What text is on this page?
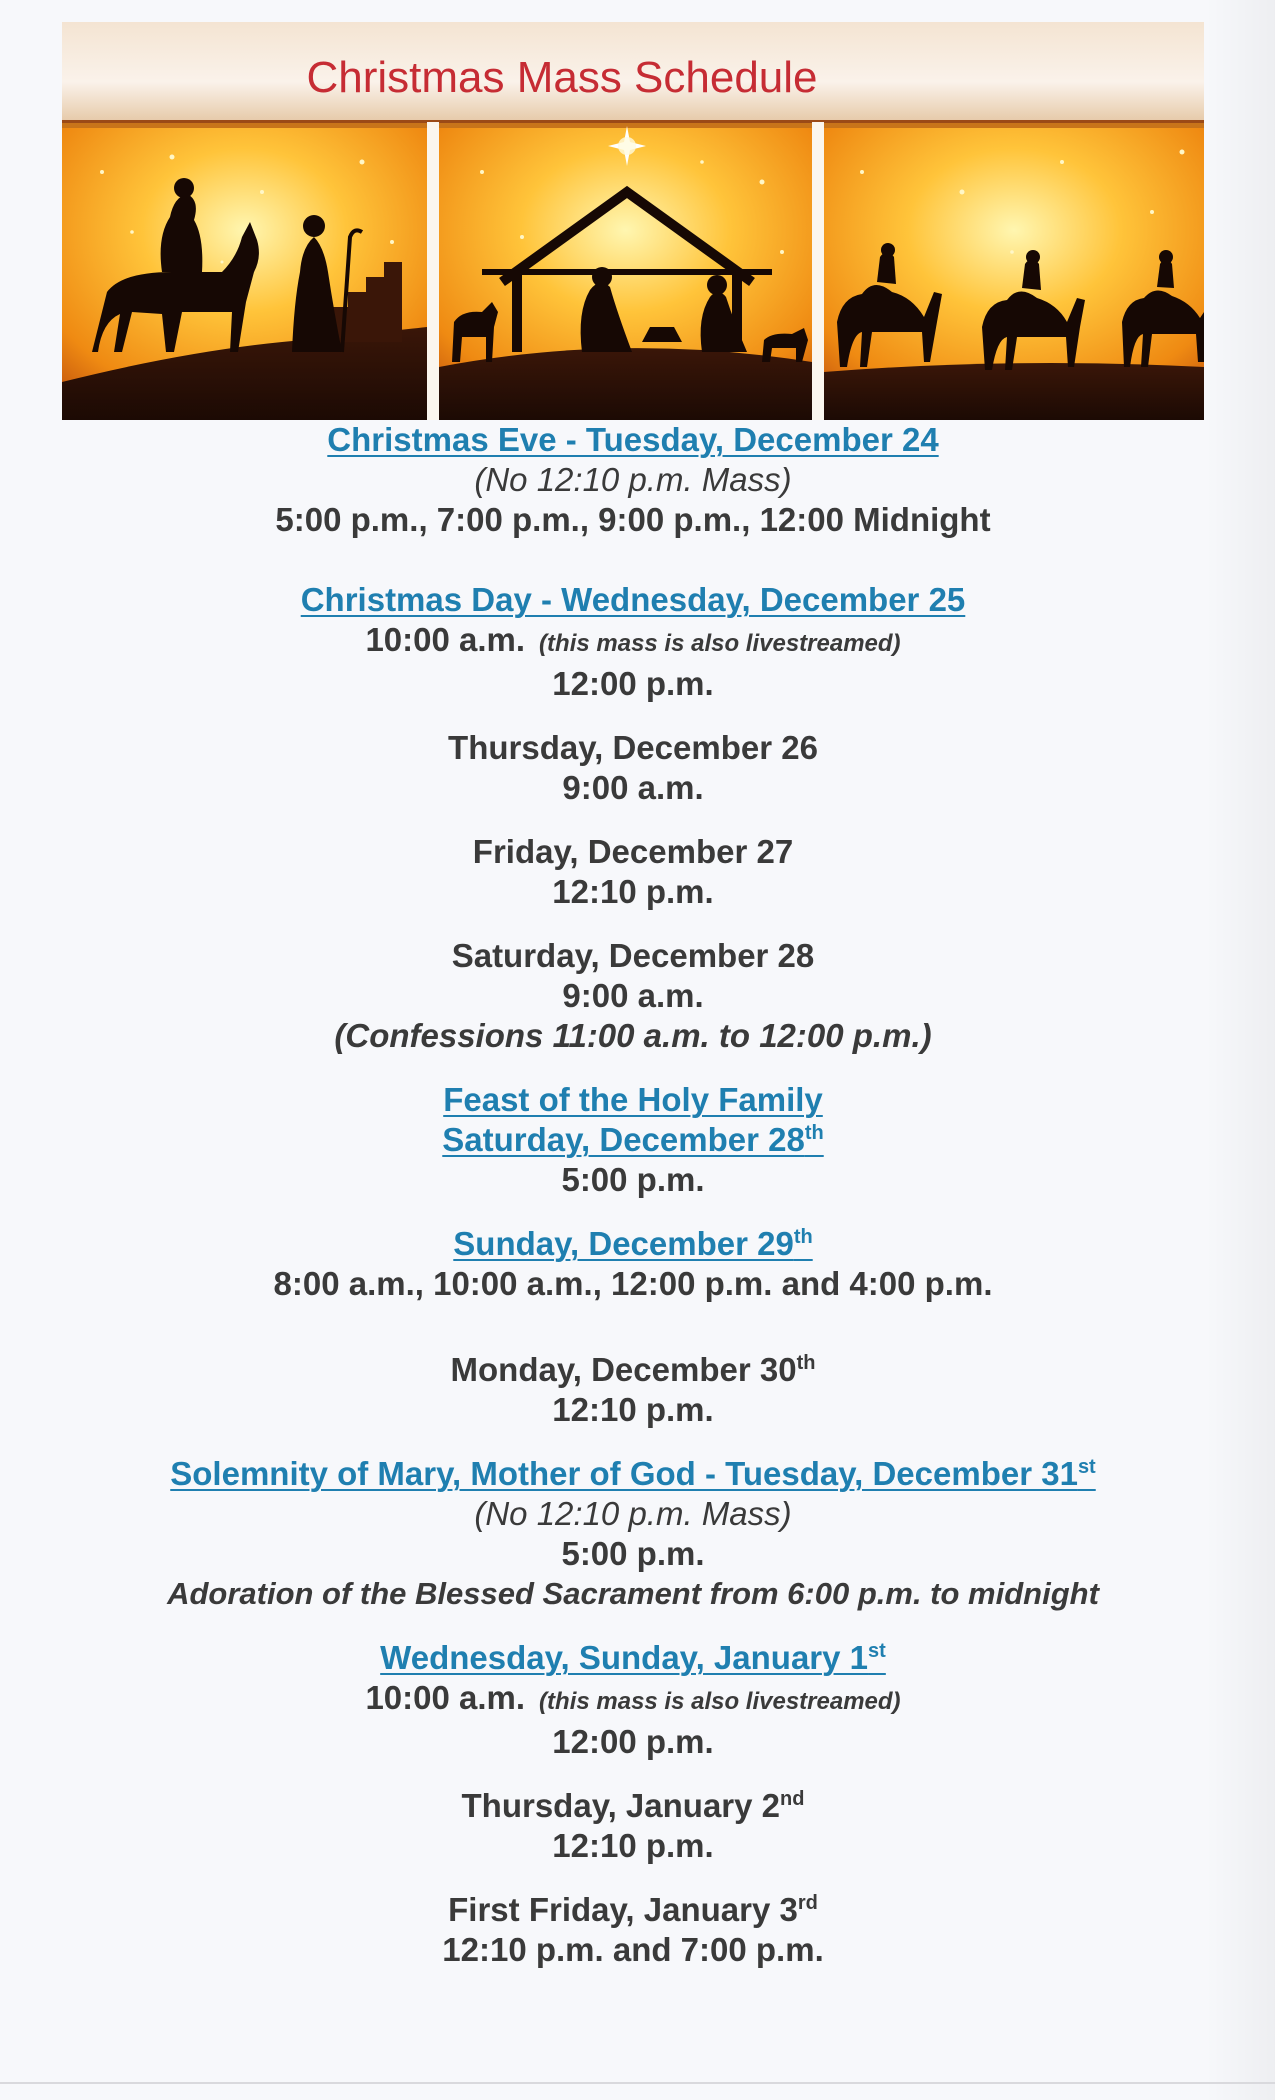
Christmas Mass Schedule
Christmas Eve - Tuesday, December 24
(No 12:10 p.m. Mass)
5:00 p.m., 7:00 p.m., 9:00 p.m., 12:00 Midnight
Christmas Day - Wednesday, December 25
10:00 a.m. (this mass is also livestreamed)
12:00 p.m.
Thursday, December 26
9:00 a.m.
Friday, December 27
12:10 p.m.
Saturday, December 28
9:00 a.m.
(Confessions 11:00 a.m. to 12:00 p.m.)
Feast of the Holy Family
Saturday, December 28th
5:00 p.m.
Sunday, December 29th
8:00 a.m., 10:00 a.m., 12:00 p.m. and 4:00 p.m.
Monday, December 30th
12:10 p.m.
Solemnity of Mary, Mother of God - Tuesday, December 31st
(No 12:10 p.m. Mass)
5:00 p.m.
Adoration of the Blessed Sacrament from 6:00 p.m. to midnight
Wednesday, Sunday, January 1st
10:00 a.m. (this mass is also livestreamed)
12:00 p.m.
Thursday, January 2nd
12:10 p.m.
First Friday, January 3rd
12:10 p.m. and 7:00 p.m.
